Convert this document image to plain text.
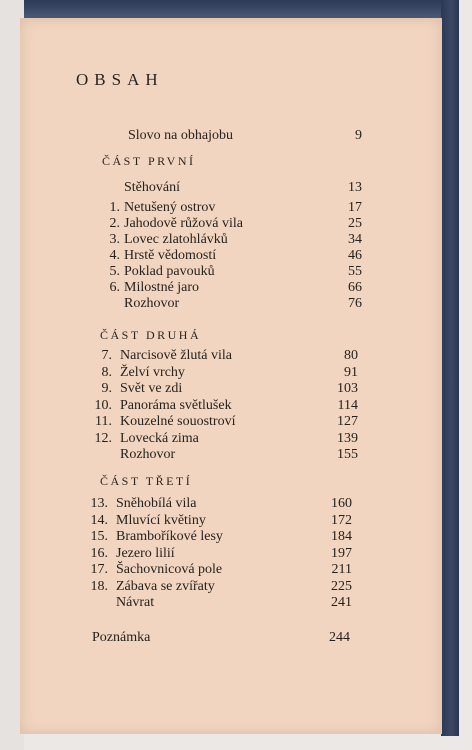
OBSAH
Slovo na obhajobu	9
ČÁST PRVNÍ
Stěhování	13
1. Netušený ostrov	17
2. Jahodově růžová vila	25
3. Lovec zlatohlávků	34
4. Hrstě vědomostí	46
5. Poklad pavouků	55
6. Milostné jaro	66
Rozhovor	76
ČÁST DRUHÁ
7. Narcisově žlutá vila	80
8. Želví vrchy	91
9. Svět ve zdi	103
10. Panoráma světlušek	114
11. Kouzelné souostroví	127
12. Lovecká zima	139
Rozhovor	155
ČÁST TŘETÍ
13. Sněhobílá vila	160
14. Mluvící květiny	172
15. Bramboříkové lesy	184
16. Jezero lilií	197
17. Šachovnicová pole	211
18. Zábava se zvířaty	225
Návrat	241
Poznámka	244
